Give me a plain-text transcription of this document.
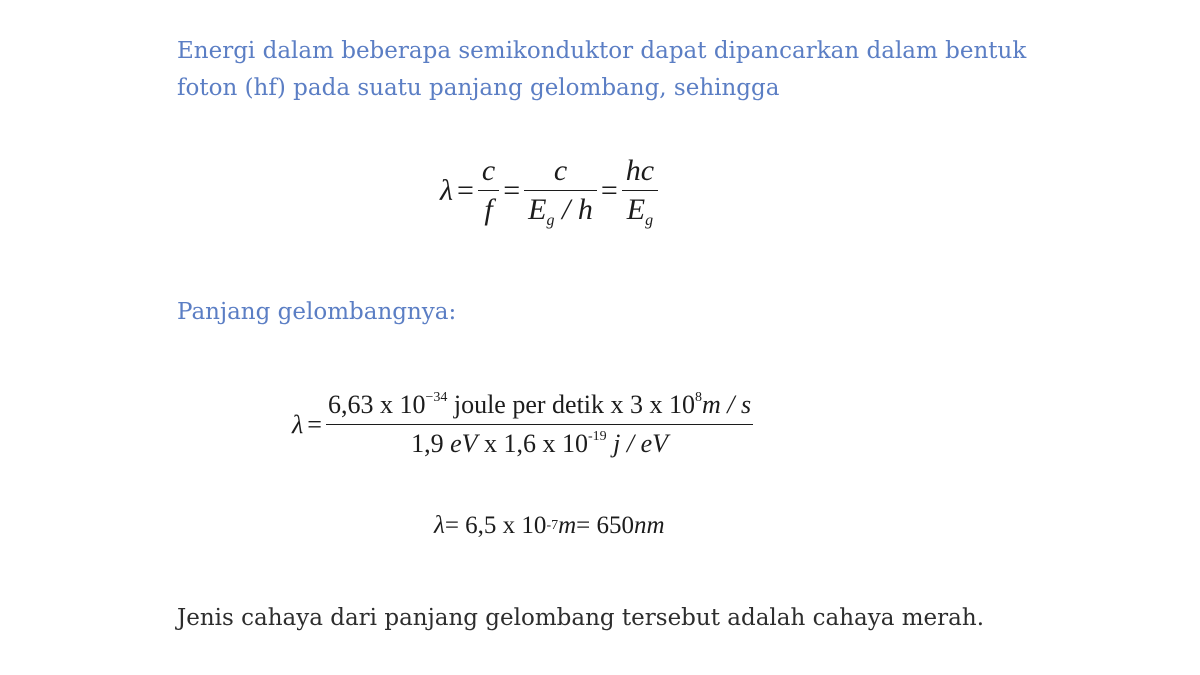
Energi dalam beberapa semikonduktor dapat dipancarkan dalam bentuk foton (hf) pada suatu panjang gelombang, sehingga

$\lambda = \frac{c}{f} = \frac{c}{E_g / h} = \frac{hc}{E_g}$

Panjang gelombangnya:

$\lambda = \frac{6,63 x 10^{-34} joule per detik x 3 x 10^8m / s}{1,9 eV x 1,6 x 10^{-19} j / eV}$
λ = 6,5 x 10 -7 m = 650 nm

Jenis cahaya dari panjang gelombang tersebut adalah cahaya merah.
